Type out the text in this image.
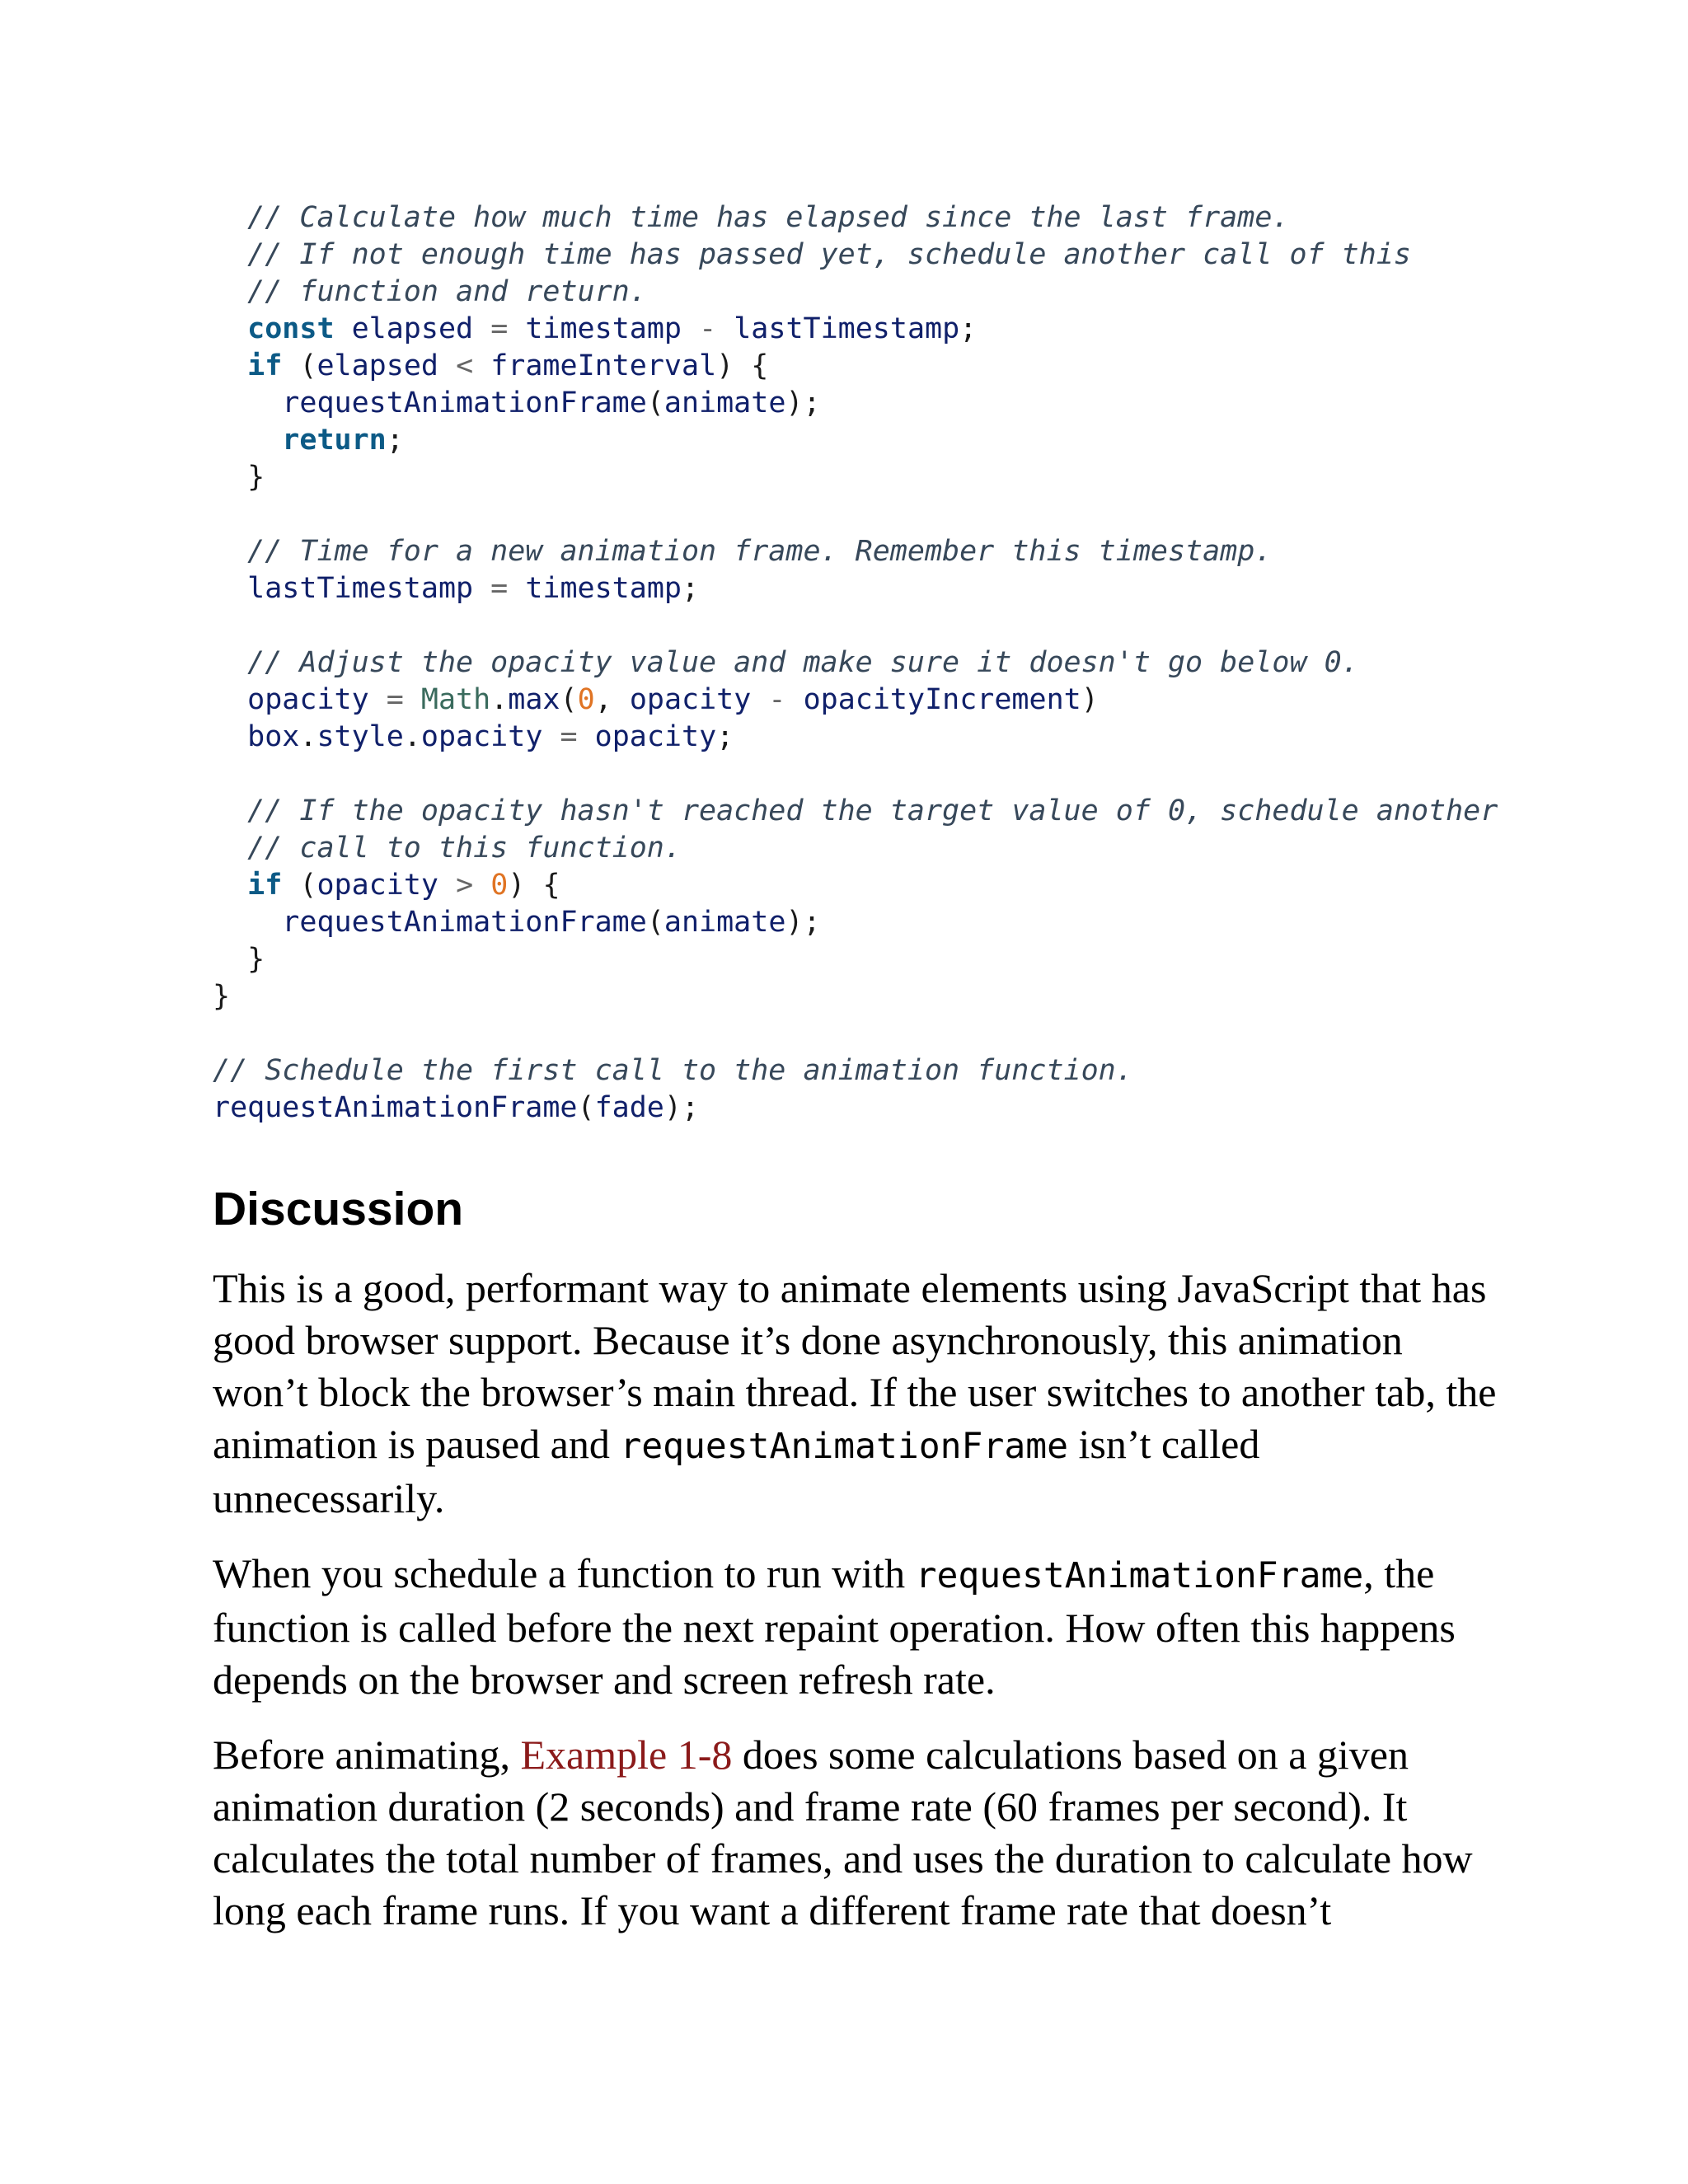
// Calculate how much time has elapsed since the last frame.
// If not enough time has passed yet, schedule another call of this
// function and return.
const elapsed = timestamp - lastTimestamp;
if (elapsed < frameInterval) {
requestAnimationFrame(animate);
return;
}
// Time for a new animation frame. Remember this timestamp.
lastTimestamp = timestamp;
// Adjust the opacity value and make sure it doesn't go below 0.
opacity = Math.max(0, opacity - opacityIncrement)
box.style.opacity = opacity;
// If the opacity hasn't reached the target value of 0, schedule another
// call to this function.
if (opacity > 0) {
requestAnimationFrame(animate);
}
}
// Schedule the first call to the animation function.
requestAnimationFrame(fade);
Discussion

This is a good, performant way to animate elements using JavaScript that has good browser support. Because it’s done asynchronously, this animation won’t block the browser’s main thread. If the user switches to another tab, the animation is paused and requestAnimationFrame isn’t called unnecessarily.

When you schedule a function to run with requestAnimationFrame, the function is called before the next repaint operation. How often this happens depends on the browser and screen refresh rate.

Before animating, Example 1-8 does some calculations based on a given animation duration (2 seconds) and frame rate (60 frames per second). It calculates the total number of frames, and uses the duration to calculate how long each frame runs. If you want a different frame rate that doesn’t
